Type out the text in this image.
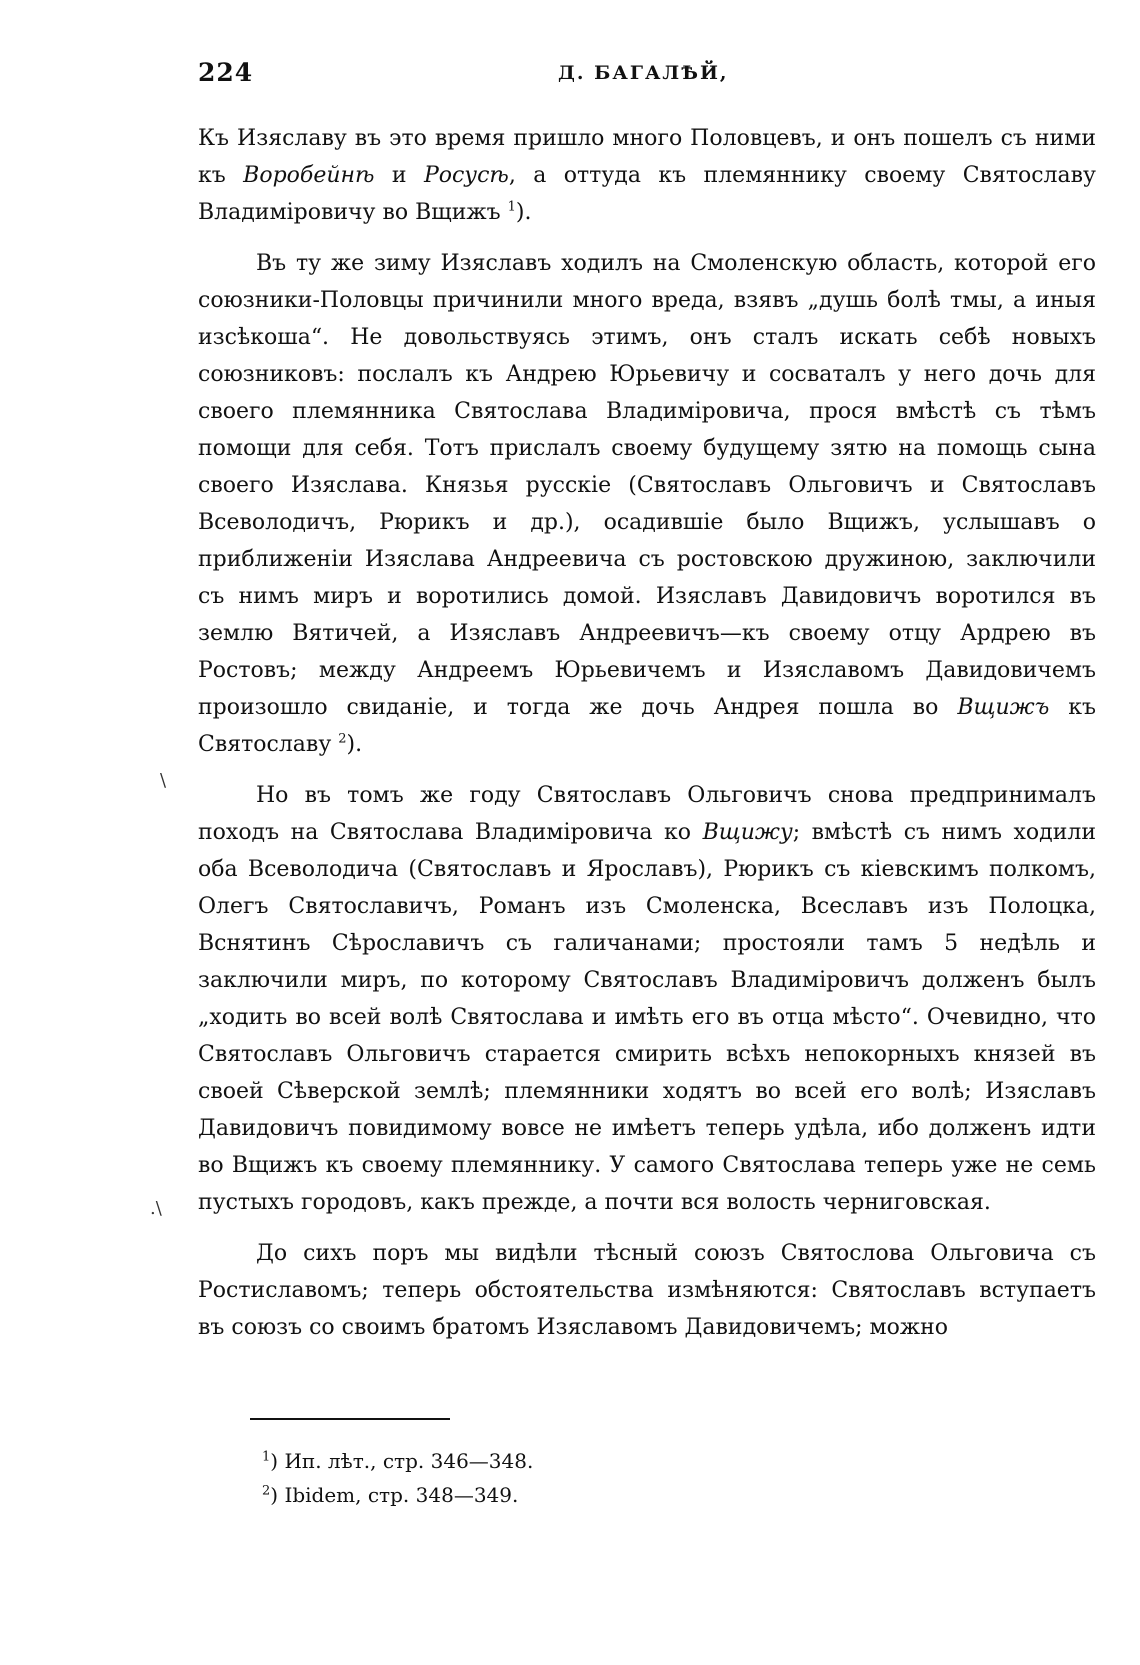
224	Д. БАГАЛѢЙ,

Къ Изяславу въ это время пришло много Половцевъ, и онъ пошелъ съ ними къ Воробейнѣ и Росусѣ, а оттуда къ племяннику своему Святославу Владиміровичу во Вщижъ $^1$).

Въ ту же зиму Изяславъ ходилъ на Смоленскую область, которой его союзники-Половцы причинили много вреда, взявъ „душь болѣ тмы, а иныя изсѣкоша“. Не довольствуясь этимъ, онъ сталъ искать себѣ новыхъ союзниковъ: послалъ къ Андрею Юрьевичу и сосваталъ у него дочь для своего племянника Святослава Владиміровича, прося вмѣстѣ съ тѣмъ помощи для себя. Тотъ прислалъ своему будущему зятю на помощь сына своего Изяслава. Князья русскіе (Святославъ Ольговичъ и Святославъ Всеволодичъ, Рюрикъ и др.), осадившіе было Вщижъ, услышавъ о приближеніи Изяслава Андреевича съ ростовскою дружиною, заключили съ нимъ миръ и воротились домой. Изяславъ Давидовичъ воротился въ землю Вятичей, а Изяславъ Андреевичъ—къ своему отцу Ардрею въ Ростовъ; между Андреемъ Юрьевичемъ и Изяславомъ Давидовичемъ произошло свиданіе, и тогда же дочь Андрея пошла во Вщижъ къ Святославу $^2$).

Но въ томъ же году Святославъ Ольговичъ снова предпринималъ походъ на Святослава Владиміровича ко Вщижу; вмѣстѣ съ нимъ ходили оба Всеволодича (Святославъ и Ярославъ), Рюрикъ съ кіевскимъ полкомъ, Олегъ Святославичъ, Романъ изъ Смоленска, Всеславъ изъ Полоцка, Вснятинъ Сѣрославичъ съ галичанами; простояли тамъ 5 недѣль и заключили миръ, по которому Святославъ Владиміровичъ долженъ былъ „ходить во всей волѣ Святослава и имѣть его въ отца мѣсто“. Очевидно, что Святославъ Ольговичъ старается смирить всѣхъ непокорныхъ князей въ своей Сѣверской землѣ; племянники ходятъ во всей его волѣ; Изяславъ Давидовичъ повидимому вовсе не имѣетъ теперь удѣла, ибо долженъ идти во Вщижъ къ своему племяннику. У самого Святослава теперь уже не семь пустыхъ городовъ, какъ прежде, а почти вся волость черниговская.

До сихъ поръ мы видѣли тѣсный союзъ Святослова Ольговича съ Ростиславомъ; теперь обстоятельства измѣняются: Святославъ вступаетъ въ союзъ со своимъ братомъ Изяславомъ Давидовичемъ; можно

\
.\

$^1$) Ип. лѣт., стр. 346—348.

$^2$) Ibidem, стр. 348—349.
